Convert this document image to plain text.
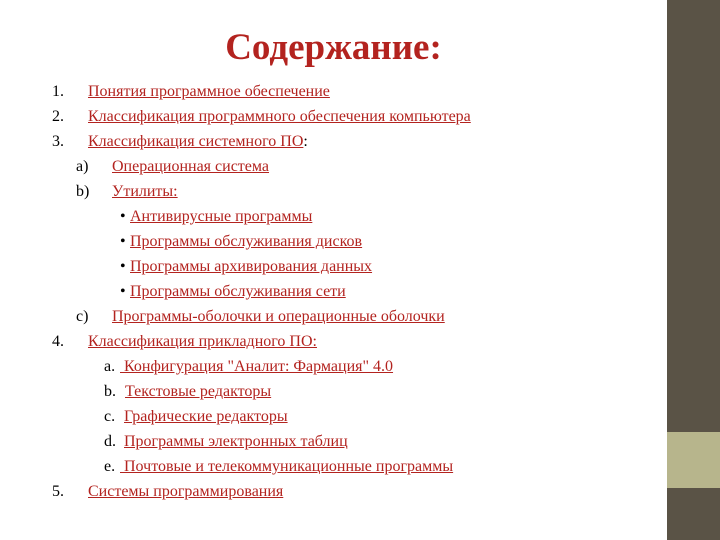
Содержание:
1. Понятия программное обеспечение
2. Классификация программного обеспечения компьютера
3. Классификация системного ПО:
a) Операционная система
b) Утилиты:
• Антивирусные программы
• Программы обслуживания дисков
• Программы архивирования данных
• Программы обслуживания сети
c) Программы-оболочки и операционные оболочки
4. Классификация прикладного ПО:
a. Конфигурация "Аналит: Фармация" 4.0
b. Текстовые редакторы
c. Графические редакторы
d. Программы электронных таблиц
e. Почтовые и телекоммуникационные программы
5. Системы программирования
